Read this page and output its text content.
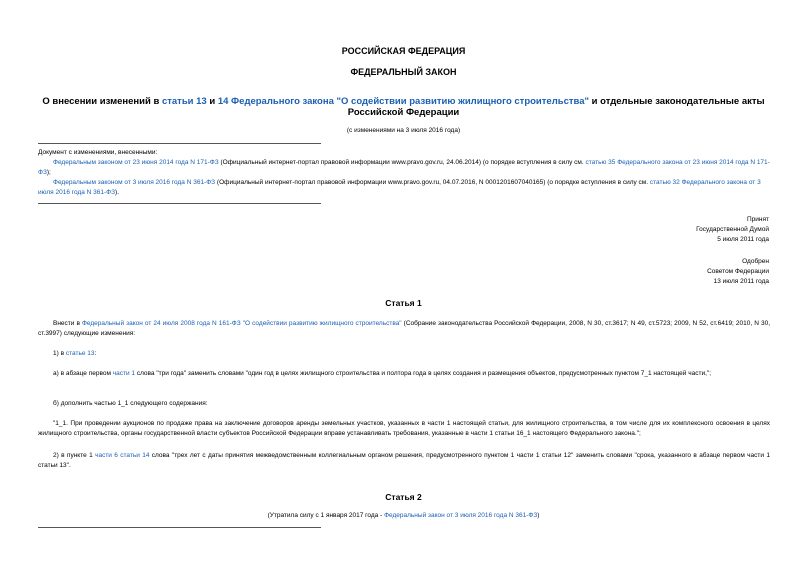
РОССИЙСКАЯ ФЕДЕРАЦИЯ
ФЕДЕРАЛЬНЫЙ ЗАКОН
О внесении изменений в статьи 13 и 14 Федерального закона "О содействии развитию жилищного строительства" и отдельные законодательные акты Российской Федерации
(с изменениями на 3 июля 2016 года)

Документ с изменениями, внесенными:

Федеральным законом от 23 июня 2014 года N 171-ФЗ (Официальный интернет-портал правовой информации www.pravo.gov.ru, 24.06.2014) (о порядке вступления в силу см. статью 35 Федерального закона от 23 июня 2014 года N 171-ФЗ);

Федеральным законом от 3 июля 2016 года N 361-ФЗ (Официальный интернет-портал правовой информации www.pravo.gov.ru, 04.07.2016, N 0001201607040165) (о порядке вступления в силу см. статью 32 Федерального закона от 3 июля 2016 года N 361-ФЗ).

Принят
Государственной Думой
5 июля 2011 года
Одобрен
Советом Федерации
13 июля 2011 года
Статья 1

Внести в Федеральный закон от 24 июля 2008 года N 161-ФЗ "О содействии развитию жилищного строительства" (Собрание законодательства Российской Федерации, 2008, N 30, ст.3617; N 49, ст.5723; 2009, N 52, ст.6419; 2010, N 30, ст.3997) следующие изменения:

1) в статье 13:

а) в абзаце первом части 1 слова "три года" заменить словами "один год в целях жилищного строительства и полтора года в целях создания и размещения объектов, предусмотренных пунктом 7_1 настоящей части,";

б) дополнить частью 1_1 следующего содержания:

"1_1. При проведении аукционов по продаже права на заключение договоров аренды земельных участков, указанных в части 1 настоящей статьи, для жилищного строительства, в том числе для их комплексного освоения в целях жилищного строительства, органы государственной власти субъектов Российской Федерации вправе устанавливать требования, указанные в части 1 статьи 16_1 настоящего Федерального закона.";

2) в пункте 1 части 6 статьи 14 слова "трех лет с даты принятия межведомственным коллегиальным органом решения, предусмотренного пунктом 1 части 1 статьи 12" заменить словами "срока, указанного в абзаце первом части 1 статьи 13".

Статья 2
(Утратила силу с 1 января 2017 года - Федеральный закон от 3 июля 2016 года N 361-ФЗ)
